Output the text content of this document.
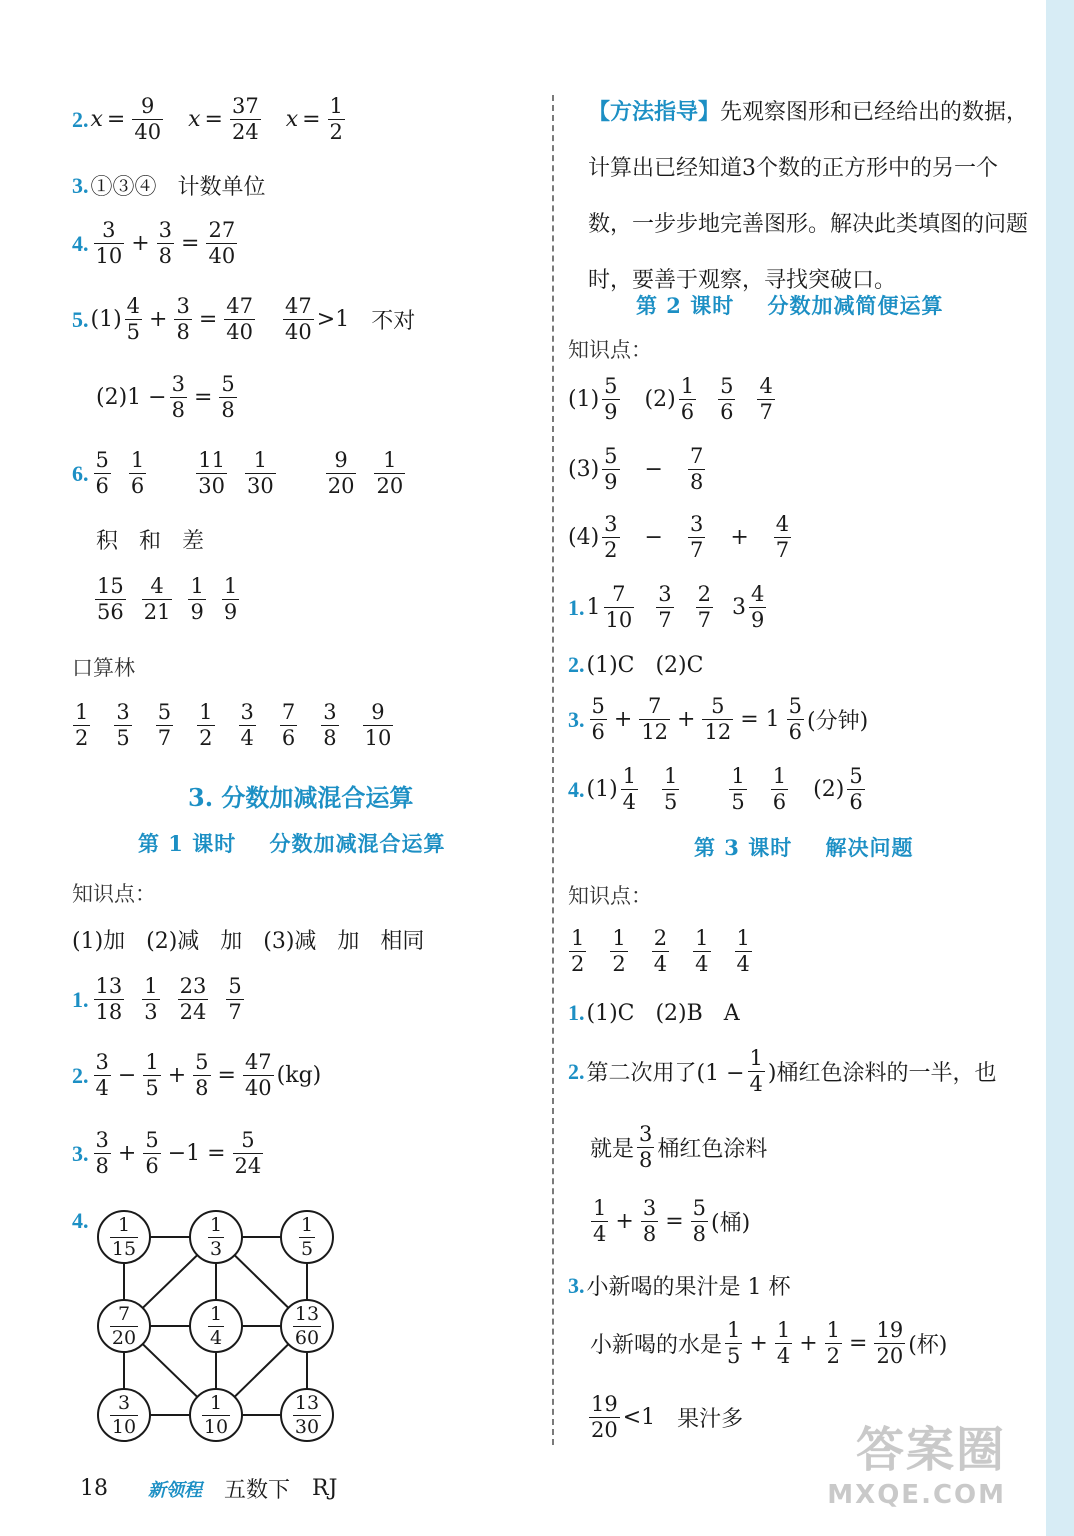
2. $x = \frac{9}{40}$ $x = \frac{37}{24}$ $x = \frac{1}{2}$
3. ①③④   计数单位
4. $\frac{3}{10} + \frac{3}{8} = \frac{27}{40}$
5. $(1) \frac{4}{5} + \frac{3}{8} = \frac{47}{40} \frac{47}{40} >1$ 不对
$(2)1 - \frac{3}{8} = \frac{5}{8}$
6. $\frac{5}{6} \frac{1}{6} \frac{11}{30} \frac{1}{30} \frac{9}{20} \frac{1}{20}$
积   和   差
$\frac{15}{56} \frac{4}{21} \frac{1}{9} \frac{1}{9}$
口算林
$\frac{1}{2} \frac{3}{5} \frac{5}{7} \frac{1}{2} \frac{3}{4} \frac{7}{6} \frac{3}{8} \frac{9}{10}$
3. 分数加减混合运算
第 1 课时    分数加减混合运算
知识点：
(1)加   (2)减   加   (3)减   加   相同
1. $\frac{13}{18} \frac{1}{3} \frac{23}{24} \frac{5}{7}$
2. $\frac{3}{4} - \frac{1}{5} + \frac{5}{8} = \frac{47}{40} (kg)$
3. $\frac{3}{8} + \frac{5}{6} -1 = \frac{5}{24}$
4. $\frac{1}{15}$	$\frac{1}{3}$	$\frac{1}{5}$
$\frac{7}{20}$	$\frac{1}{4}$	$\frac{13}{60}$
$\frac{3}{10}$	$\frac{1}{10}$	$\frac{13}{30}$
【方法指导】先观察图形和已经给出的数据，计算出已经知道3个数的正方形中的另一个数，一步步地完善图形。解决此类填图的问题时，要善于观察，寻找突破口。
第 2 课时    分数加减简便运算
知识点：
$(1) \frac{5}{9} (2) \frac{1}{6} \frac{5}{6} \frac{4}{7}$
$(3) \frac{5}{9} - \frac{7}{8}$
$(4) \frac{3}{2} - \frac{3}{7} + \frac{4}{7}$
1. $1 \frac{7}{10} \frac{3}{7} \frac{2}{7} 3 \frac{4}{9}$
2. (1)C   (2)C
3. $\frac{5}{6} + \frac{7}{12} + \frac{5}{12} = 1 \frac{5}{6}$ (分钟)
4. $(1) \frac{1}{4} \frac{1}{5} \frac{1}{5} \frac{1}{6} (2) \frac{5}{6}$
第 3 课时    解决问题
知识点：
$\frac{1}{2} \frac{1}{2} \frac{2}{4} \frac{1}{4} \frac{1}{4}$
1. (1)C   (2)B   A
2. 第二次用了($1 - \frac{1}{4}$ )桶红色涂料的一半，也
就是 $\frac{3}{8}$ 桶红色涂料
$\frac{1}{4} + \frac{3}{8} = \frac{5}{8}$ (桶)
3. 小新喝的果汁是 1 杯
小新喝的水是 $\frac{1}{5} + \frac{1}{4} + \frac{1}{2} = \frac{19}{20}$ (杯)
$\frac{19}{20} <1$ 果汁多
18 新领程 五数下 RJ
答案圈
MXQE.COM
